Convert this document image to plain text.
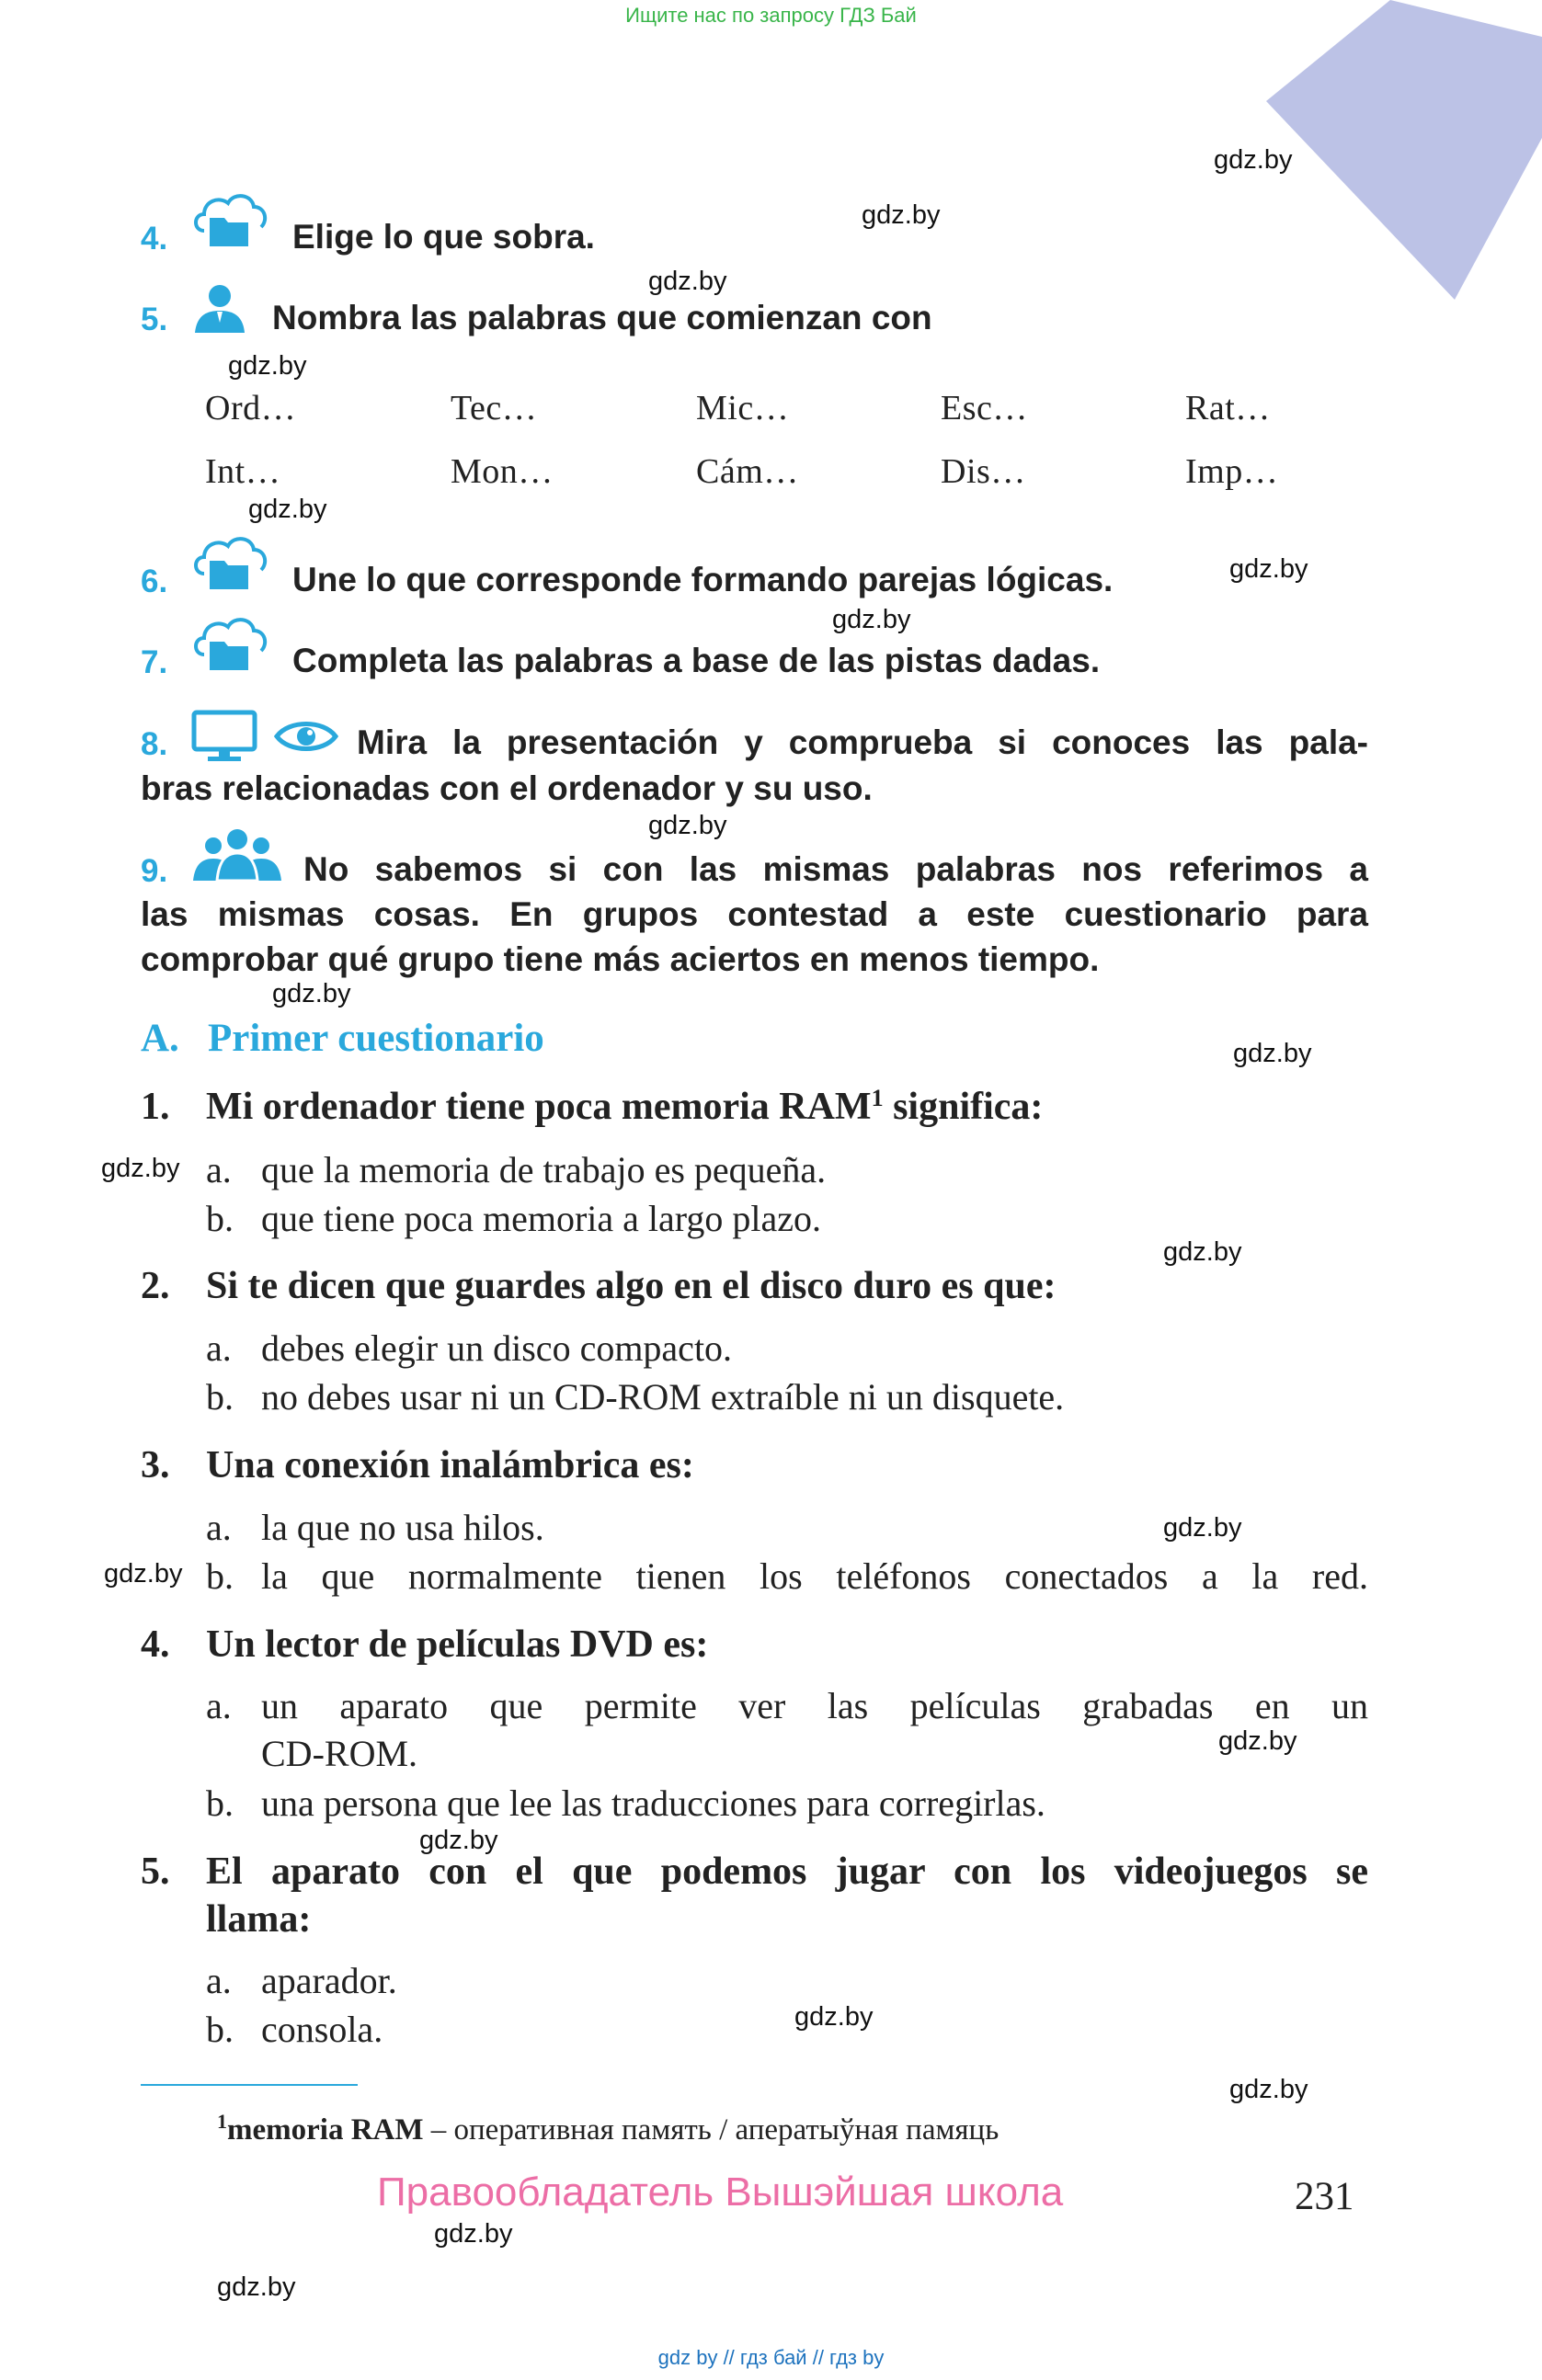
Ищите нас по запросу ГДЗ Бай
gdz.by
gdz.by
gdz.by
gdz.by
gdz.by
gdz.by
gdz.by
gdz.by
gdz.by
gdz.by
gdz.by
gdz.by
gdz.by
gdz.by
gdz.by
gdz.by
gdz.by
gdz.by
gdz.by
gdz.by
4.	Elige lo que sobra.
5.	Nombra las palabras que comienzan con
Ord…	Tec…	Mic…	Esc…	Rat…
Int…	Mon…	Cám…	Dis…	Imp…
6.	Une lo que corresponde formando parejas lógicas.
7.	Completa las palabras a base de las pistas dadas.
8.	Mira la presentación y comprueba si conoces las pala-
bras relacionadas con el ordenador y su uso.
9.	No sabemos si con las mismas palabras nos referimos a
las mismas cosas. En grupos contestad a este cuestionario para
comprobar qué grupo tiene más aciertos en menos tiempo.
A. Primer cuestionario
1. Mi ordenador tiene poca memoria RAM$^1$ significa:
a. que la memoria de trabajo es pequeña.
b. que tiene poca memoria a largo plazo.
2. Si te dicen que guardes algo en el disco duro es que:
a. debes elegir un disco compacto.
b. no debes usar ni un CD-ROM extraíble ni un disquete.
3. Una conexión inalámbrica es:
a. la que no usa hilos.
b. la que normalmente tienen los teléfonos conectados a la red.
4. Un lector de películas DVD es:
a. un aparato que permite ver las películas grabadas en un
CD-ROM.
b. una persona que lee las traducciones para corregirlas.
5. El aparato con el que podemos jugar con los videojuegos se
llama:
a. aparador.
b. consola.
$^1$memoria RAM – оперативная память / аператыўная памяць
Правообладатель Вышэйшая школа	231
gdz by // гдз бай // гдз by
